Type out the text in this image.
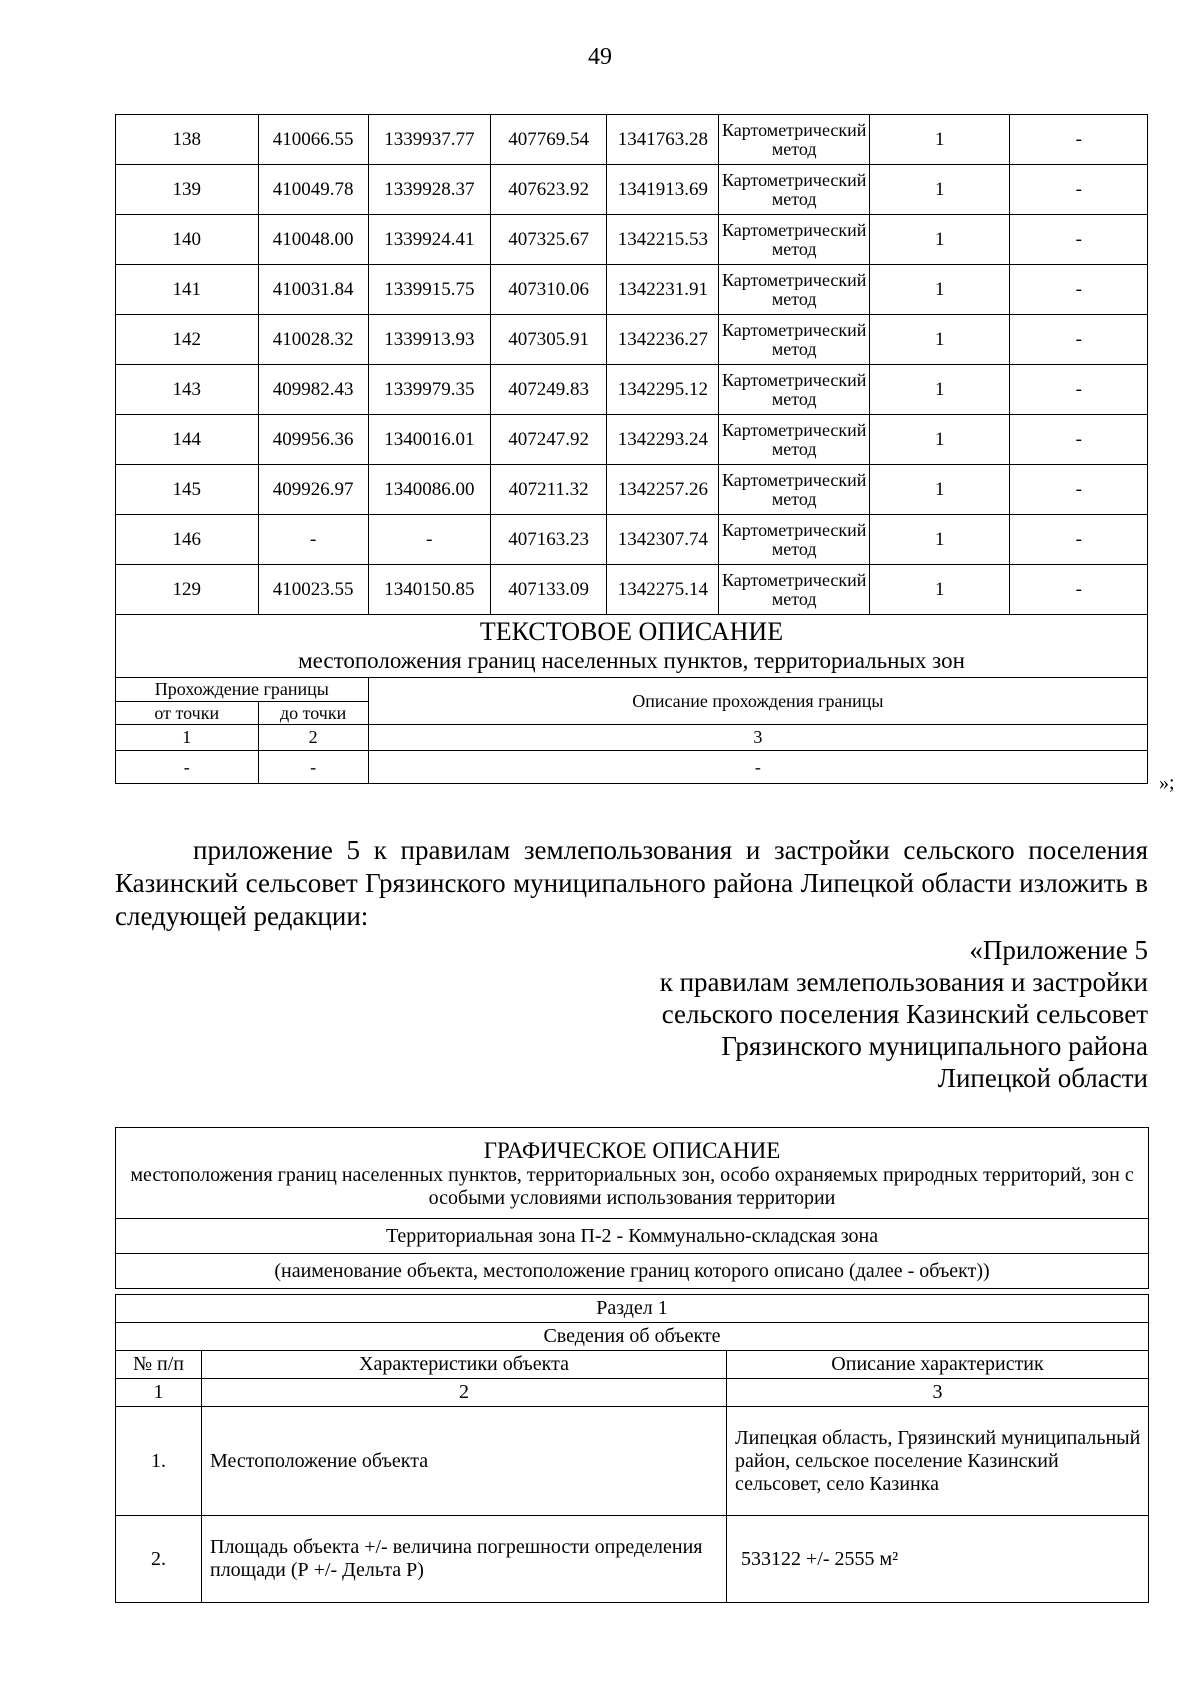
49
138	410066.55	1339937.77	407769.54	1341763.28	Картометрический метод	1	-
139	410049.78	1339928.37	407623.92	1341913.69	Картометрический метод	1	-
140	410048.00	1339924.41	407325.67	1342215.53	Картометрический метод	1	-
141	410031.84	1339915.75	407310.06	1342231.91	Картометрический метод	1	-
142	410028.32	1339913.93	407305.91	1342236.27	Картометрический метод	1	-
143	409982.43	1339979.35	407249.83	1342295.12	Картометрический метод	1	-
144	409956.36	1340016.01	407247.92	1342293.24	Картометрический метод	1	-
145	409926.97	1340086.00	407211.32	1342257.26	Картометрический метод	1	-
146	-	-	407163.23	1342307.74	Картометрический метод	1	-
129	410023.55	1340150.85	407133.09	1342275.14	Картометрический метод	1	-

ТЕКСТОВОЕ ОПИСАНИЕ
местоположения границ населенных пунктов, территориальных зон							

Прохождение границы		Описание прохождения границы					
от точки	до точки						
1	2	3					
-	-	-					
»;

приложение 5 к правилам землепользования и застройки сельского поселения Казинский сельсовет Грязинского муниципального района Липецкой области изложить в следующей редакции:

«Приложение 5
к правилам землепользования и застройки
сельского поселения Казинский сельсовет
Грязинского муниципального района
Липецкой области
ГРАФИЧЕСКОЕ ОПИСАНИЕ
местоположения границ населенных пунктов, территориальных зон, особо охраняемых природных территорий, зон с особыми условиями использования территории		

Территориальная зона П-2 - Коммунально-складская зона		
(наименование объекта, местоположение границ которого описано (далее - объект))		

Раздел 1		
Сведения об объекте		
№ п/п	Характеристики объекта	Описание характеристик
1	2	3
1.	Местоположение объекта	Липецкая область, Грязинский муниципальный район, сельское поселение Казинский сельсовет, село Казинка
2.	Площадь объекта +/- величина погрешности определения площади (Р +/- Дельта Р)	533122 +/- 2555 м²
